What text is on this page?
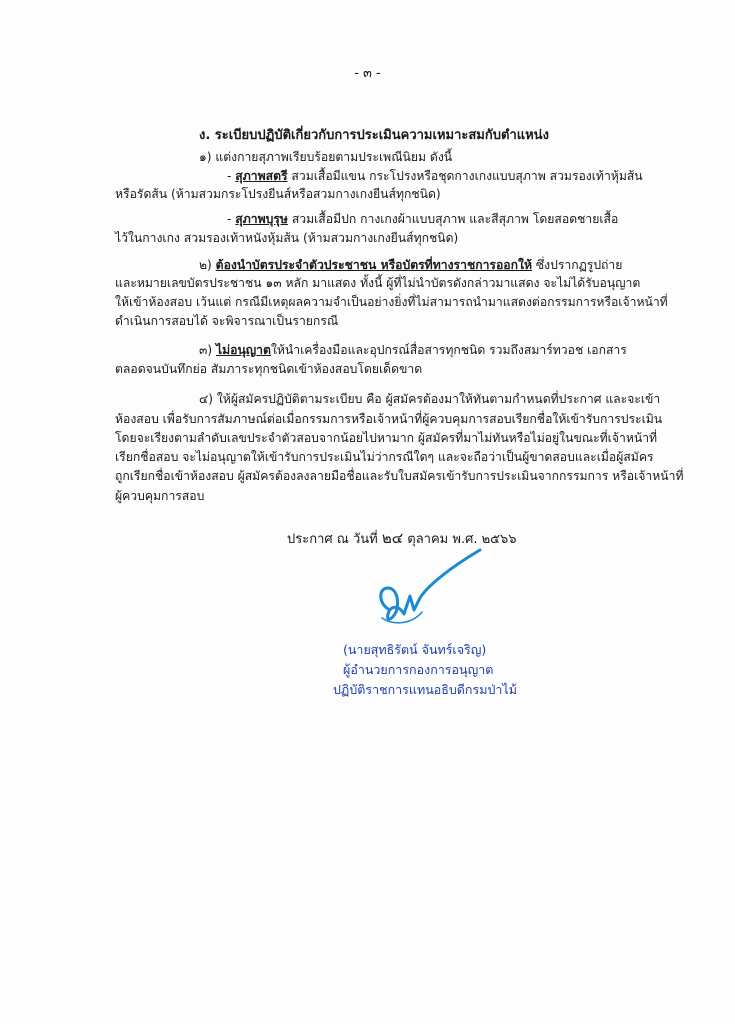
- ๓ -
ง. ระเบียบปฏิบัติเกี่ยวกับการประเมินความเหมาะสมกับตำแหน่ง
๑) แต่งกายสุภาพเรียบร้อยตามประเพณีนิยม ดังนี้
- สุภาพสตรี สวมเสื้อมีแขน กระโปรงหรือชุดกางเกงแบบสุภาพ สวมรองเท้าหุ้มส้น
หรือรัดส้น (ห้ามสวมกระโปรงยีนส์หรือสวมกางเกงยีนส์ทุกชนิด)
- สุภาพบุรุษ สวมเสื้อมีปก กางเกงผ้าแบบสุภาพ และสีสุภาพ โดยสอดชายเสื้อ
ไว้ในกางเกง สวมรองเท้าหนังหุ้มส้น (ห้ามสวมกางเกงยีนส์ทุกชนิด)
๒) ต้องนำบัตรประจำตัวประชาชน หรือบัตรที่ทางราชการออกให้ ซึ่งปรากฏรูปถ่าย
และหมายเลขบัตรประชาชน ๑๓ หลัก มาแสดง ทั้งนี้ ผู้ที่ไม่นำบัตรดังกล่าวมาแสดง จะไม่ได้รับอนุญาต
ให้เข้าห้องสอบ เว้นแต่ กรณีมีเหตุผลความจำเป็นอย่างยิ่งที่ไม่สามารถนำมาแสดงต่อกรรมการหรือเจ้าหน้าที่
ดำเนินการสอบได้ จะพิจารณาเป็นรายกรณี
๓) ไม่อนุญาตให้นำเครื่องมือและอุปกรณ์สื่อสารทุกชนิด รวมถึงสมาร์ทวอช เอกสาร
ตลอดจนบันทึกย่อ สัมภาระทุกชนิดเข้าห้องสอบโดยเด็ดขาด
๔) ให้ผู้สมัครปฏิบัติตามระเบียบ คือ ผู้สมัครต้องมาให้ทันตามกำหนดที่ประกาศ และจะเข้า
ห้องสอบ เพื่อรับการสัมภาษณ์ต่อเมื่อกรรมการหรือเจ้าหน้าที่ผู้ควบคุมการสอบเรียกชื่อให้เข้ารับการประเมิน
โดยจะเรียงตามลำดับเลขประจำตัวสอบจากน้อยไปหามาก ผู้สมัครที่มาไม่ทันหรือไม่อยู่ในขณะที่เจ้าหน้าที่
เรียกชื่อสอบ จะไม่อนุญาตให้เข้ารับการประเมินไม่ว่ากรณีใดๆ และจะถือว่าเป็นผู้ขาดสอบและเมื่อผู้สมัคร
ถูกเรียกชื่อเข้าห้องสอบ ผู้สมัครต้องลงลายมือชื่อและรับใบสมัครเข้ารับการประเมินจากกรรมการ หรือเจ้าหน้าที่
ผู้ควบคุมการสอบ
ประกาศ ณ วันที่ ๒๔ ตุลาคม พ.ศ. ๒๕๖๖
(นายสุทธิรัตน์ จันทร์เจริญ)
ผู้อำนวยการกองการอนุญาต
ปฏิบัติราชการแทนอธิบดีกรมป่าไม้
